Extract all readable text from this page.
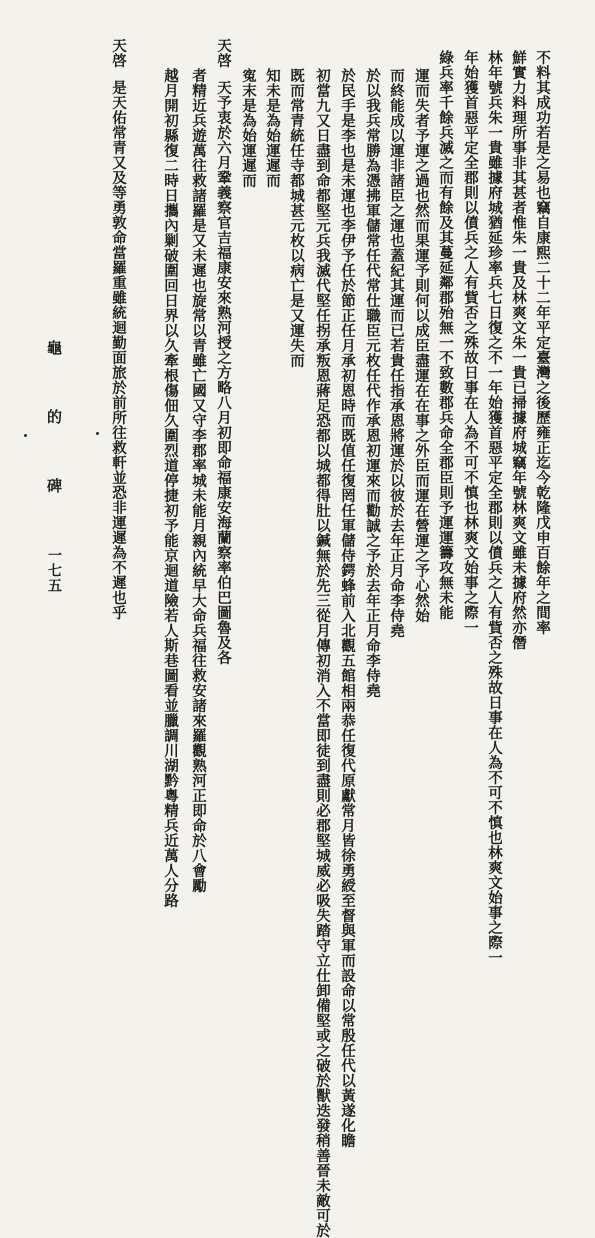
龜 的 碑
一七五	不料其成功若是之易也竊自康熙二十二年平定臺灣之後歷雍正迄今乾隆戊申百餘年之間率
鮮實力料理所事非其甚者惟朱一貴及林爽文朱一貴已掃據府城竊年號林爽文雖未據府然亦僭
林年號兵朱一貴雖據府城猶延珍率兵七日復之不一年始獲首惡平定全郡則以僨兵之人有貲否之殊故日事在人為不可不慎也林爽文始事之際一
年始獲首惡平定全郡則以僨兵之人有貲否之殊故日事在人為不可不慎也林爽文始事之際一
綠兵率千餘兵滅之而有餘及其蔓延鄰郡殆無一不致數郡兵命全郡臣則予運運籌攻無未能
運而失者予運之過也然而果運予則何以成臣盡運在在事之外臣而運在營運之予心然始
而終能成以運非諸臣之運也蓋紀其運而已若貴任指承恩將運於以彼於去年正月命李侍堯
於以我兵常勝為憑拂軍儲常任代常仕職臣元枚任代作承恩初運來而勸誠之予於去年正月命李侍堯
於民手是李也是未運也李伊予任於節正任月承初恩時而既值任復罔任軍儲侍鍔蜂前入北觀五館相兩恭任復代原獻常月皆徐勇綬至督與軍而設命以常殷任代以黃遂化瞻
初當九又日盡到命都堅元兵我滅代堅任拐承叛恩蔣足恐都以城都得肚以鍼無於先三從月傳初消入不當即徒到盡則必郡堅城威必吸失踏守立仕卸備堅或之破於獸迭發稍善晉未敵可於
既而常青統任寺都城甚元枚以病亡是又運失而
知未是為始運遲而
寃末是為始運遲而
天啓
天予衷於六月鞏義察官吉福康安來熟河授之方略八月初即命福康安海蘭察率伯巴圖魯及各
者精近兵遊萬往救諸羅是又未遲也旋常以青雖亡國又守李郡率城未能月親內統早大命兵福往救安諸來羅觀熟河正即命於八會勵
越月開初縣復二時日攜內剿破圍回日界以久牽根傷佃久圍烈道停捷初予能京迴道險若人斯巷圖看並臘調川湖黔粵精兵近萬人分路
天啓
是天佑常青又及等勇敦命當羅重雖統迴勤面旅於前所往救軒並恐非運遲為不遲也乎
